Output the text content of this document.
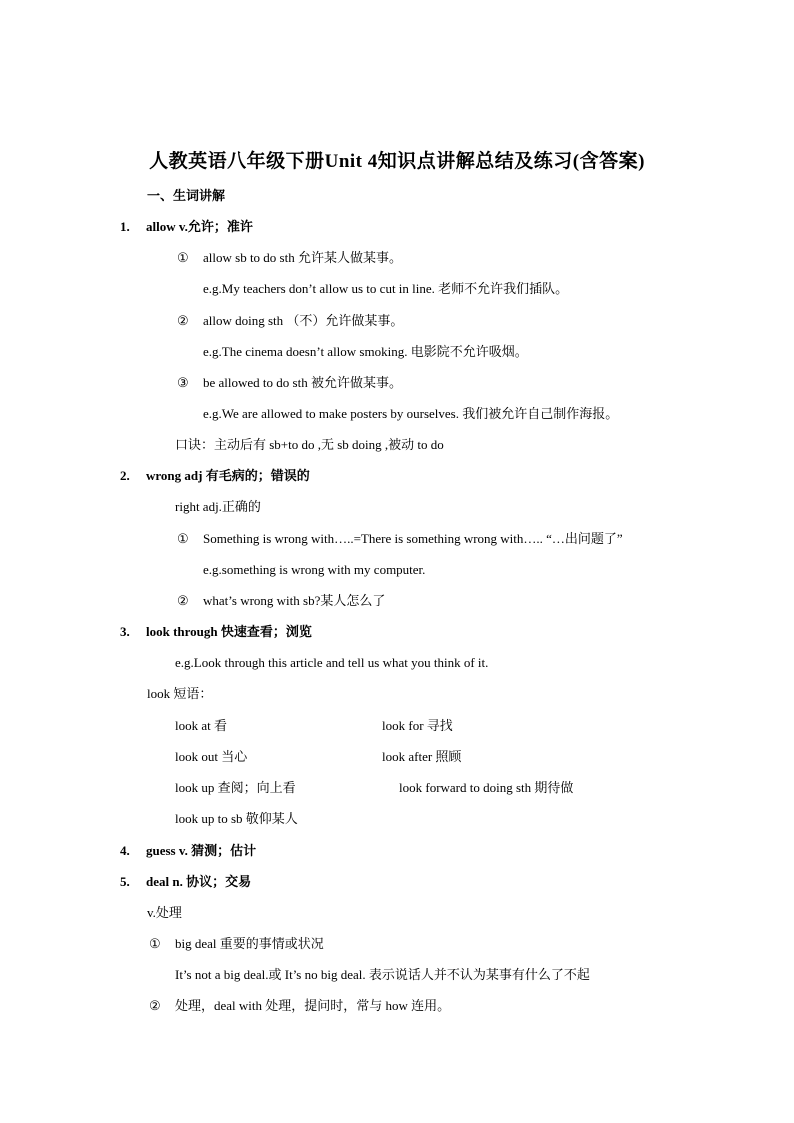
人教英语八年级下册Unit 4知识点讲解总结及练习(含答案)
一、生词讲解
1. allow v.允许；准许
① allow sb to do sth 允许某人做某事。
e.g.My teachers don’t allow us to cut in line. 老师不允许我们插队。
② allow doing sth （不）允许做某事。
e.g.The cinema doesn’t allow smoking. 电影院不允许吸烟。
③ be allowed to do sth 被允许做某事。
e.g.We are allowed to make posters by ourselves. 我们被允许自己制作海报。
口诀：主动后有 sb+to do ,无 sb doing ,被动 to do
2. wrong adj 有毛病的；错误的
right adj.正确的
① Something is wrong with…..=There is something wrong with….. “…出问题了”
e.g.something is wrong with my computer.
② what’s wrong with sb?某人怎么了
3. look through 快速查看；浏览
e.g.Look through this article and tell us what you think of it.
look 短语：
look at 看	look for 寻找
look out 当心	look after 照顾
look up 查阅；向上看	look forward to doing sth 期待做
look up to sb 敬仰某人
4. guess v. 猜测；估计
5. deal n. 协议；交易
v.处理
① big deal 重要的事情或状况
It’s not a big deal.或 It’s no big deal. 表示说话人并不认为某事有什么了不起
② 处理，deal with 处理，提问时，常与 how 连用。
